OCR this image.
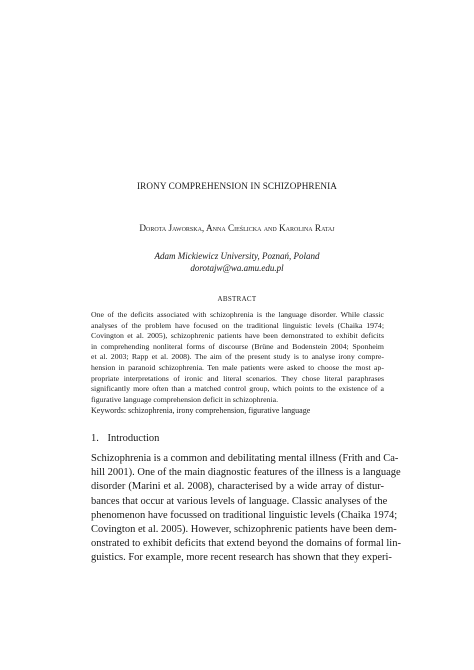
IRONY COMPREHENSION IN SCHIZOPHRENIA
Dorota Jaworska, Anna Cieślicka and Karolina Rataj
Adam Mickiewicz University, Poznań, Poland
dorotajw@wa.amu.edu.pl
ABSTRACT
One of the deficits associated with schizophrenia is the language disorder. While classic
analyses of the problem have focused on the traditional linguistic levels (Chaika 1974;
Covington et al. 2005), schizophrenic patients have been demonstrated to exhibit deficits
in comprehending nonliteral forms of discourse (Brüne and Bodenstein 2004; Sponheim
et al. 2003; Rapp et al. 2008). The aim of the present study is to analyse irony compre-
hension in paranoid schizophrenia. Ten male patients were asked to choose the most ap-
propriate interpretations of ironic and literal scenarios. They chose literal paraphrases
significantly more often than a matched control group, which points to the existence of a
figurative language comprehension deficit in schizophrenia.
Keywords: schizophrenia, irony comprehension, figurative language
1. Introduction
Schizophrenia is a common and debilitating mental illness (Frith and Ca-
hill 2001). One of the main diagnostic features of the illness is a language
disorder (Marini et al. 2008), characterised by a wide array of distur-
bances that occur at various levels of language. Classic analyses of the
phenomenon have focussed on traditional linguistic levels (Chaika 1974;
Covington et al. 2005). However, schizophrenic patients have been dem-
onstrated to exhibit deficits that extend beyond the domains of formal lin-
guistics. For example, more recent research has shown that they experi-
